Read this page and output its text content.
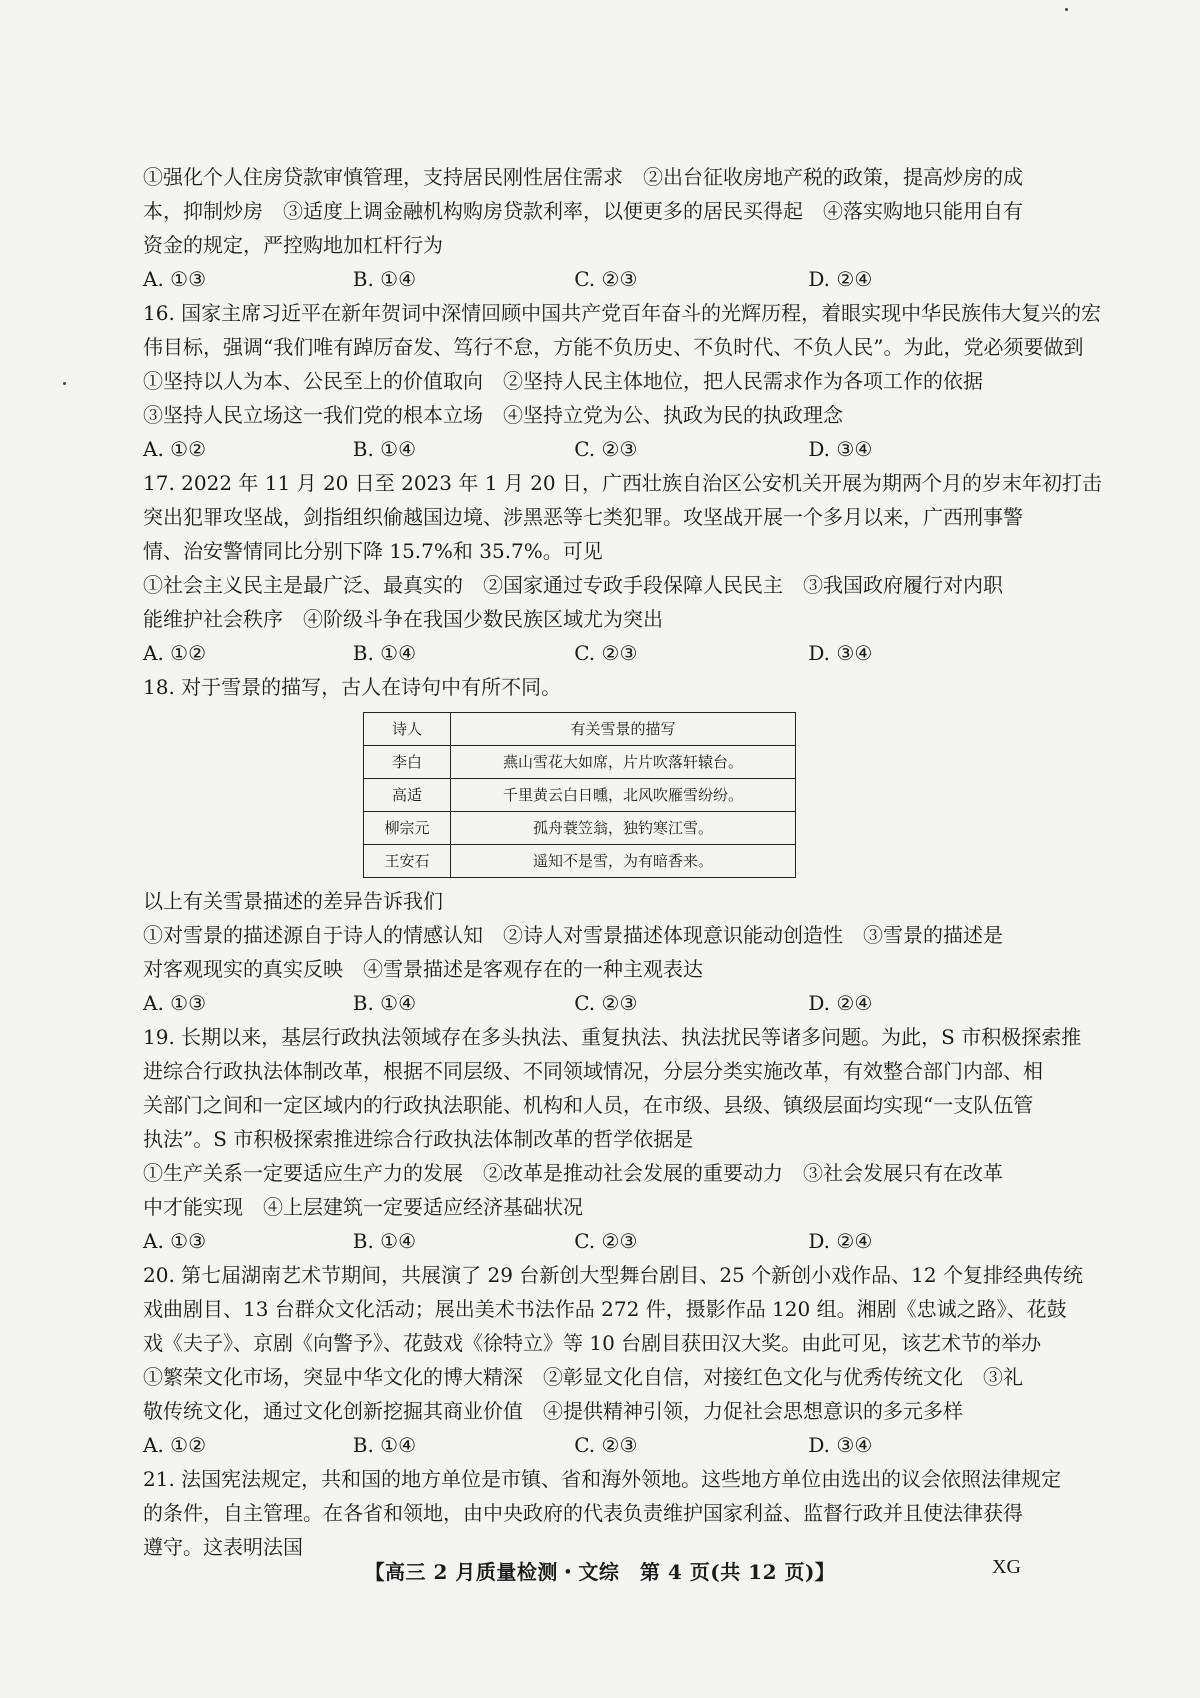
①强化个人住房贷款审慎管理，支持居民刚性居住需求　②出台征收房地产税的政策，提高炒房的成
本，抑制炒房　③适度上调金融机构购房贷款利率，以便更多的居民买得起　④落实购地只能用自有
资金的规定，严控购地加杠杆行为
A. ①③	B. ①④	C. ②③	D. ②④
16. 国家主席习近平在新年贺词中深情回顾中国共产党百年奋斗的光辉历程，着眼实现中华民族伟大复兴的宏
伟目标，强调“我们唯有踔厉奋发、笃行不怠，方能不负历史、不负时代、不负人民”。为此，党必须要做到
①坚持以人为本、公民至上的价值取向　②坚持人民主体地位，把人民需求作为各项工作的依据
③坚持人民立场这一我们党的根本立场　④坚持立党为公、执政为民的执政理念
A. ①②	B. ①④	C. ②③	D. ③④
17. 2022 年 11 月 20 日至 2023 年 1 月 20 日，广西壮族自治区公安机关开展为期两个月的岁末年初打击
突出犯罪攻坚战，剑指组织偷越国边境、涉黑恶等七类犯罪。攻坚战开展一个多月以来，广西刑事警
情、治安警情同比分别下降 15.7%和 35.7%。可见
①社会主义民主是最广泛、最真实的　②国家通过专政手段保障人民民主　③我国政府履行对内职
能维护社会秩序　④阶级斗争在我国少数民族区域尤为突出
A. ①②	B. ①④	C. ②③	D. ③④
18. 对于雪景的描写，古人在诗句中有所不同。
诗人	有关雪景的描写
李白	燕山雪花大如席，片片吹落轩辕台。
高适	千里黄云白日曛，北风吹雁雪纷纷。
柳宗元	孤舟蓑笠翁，独钓寒江雪。
王安石	遥知不是雪，为有暗香来。
以上有关雪景描述的差异告诉我们
①对雪景的描述源自于诗人的情感认知　②诗人对雪景描述体现意识能动创造性　③雪景的描述是
对客观现实的真实反映　④雪景描述是客观存在的一种主观表达
A. ①③	B. ①④	C. ②③	D. ②④
19. 长期以来，基层行政执法领域存在多头执法、重复执法、执法扰民等诸多问题。为此，S 市积极探索推
进综合行政执法体制改革，根据不同层级、不同领域情况，分层分类实施改革，有效整合部门内部、相
关部门之间和一定区域内的行政执法职能、机构和人员，在市级、县级、镇级层面均实现“一支队伍管
执法”。S 市积极探索推进综合行政执法体制改革的哲学依据是
①生产关系一定要适应生产力的发展　②改革是推动社会发展的重要动力　③社会发展只有在改革
中才能实现　④上层建筑一定要适应经济基础状况
A. ①③	B. ①④	C. ②③	D. ②④
20. 第七届湖南艺术节期间，共展演了 29 台新创大型舞台剧目、25 个新创小戏作品、12 个复排经典传统
戏曲剧目、13 台群众文化活动；展出美术书法作品 272 件，摄影作品 120 组。湘剧《忠诚之路》、花鼓
戏《夫子》、京剧《向警予》、花鼓戏《徐特立》等 10 台剧目获田汉大奖。由此可见，该艺术节的举办
①繁荣文化市场，突显中华文化的博大精深　②彰显文化自信，对接红色文化与优秀传统文化　③礼
敬传统文化，通过文化创新挖掘其商业价值　④提供精神引领，力促社会思想意识的多元多样
A. ①②	B. ①④	C. ②③	D. ③④
21. 法国宪法规定，共和国的地方单位是市镇、省和海外领地。这些地方单位由选出的议会依照法律规定
的条件，自主管理。在各省和领地，由中央政府的代表负责维护国家利益、监督行政并且使法律获得
遵守。这表明法国
【高三 2 月质量检测・文综　第 4 页(共 12 页)】	XG
